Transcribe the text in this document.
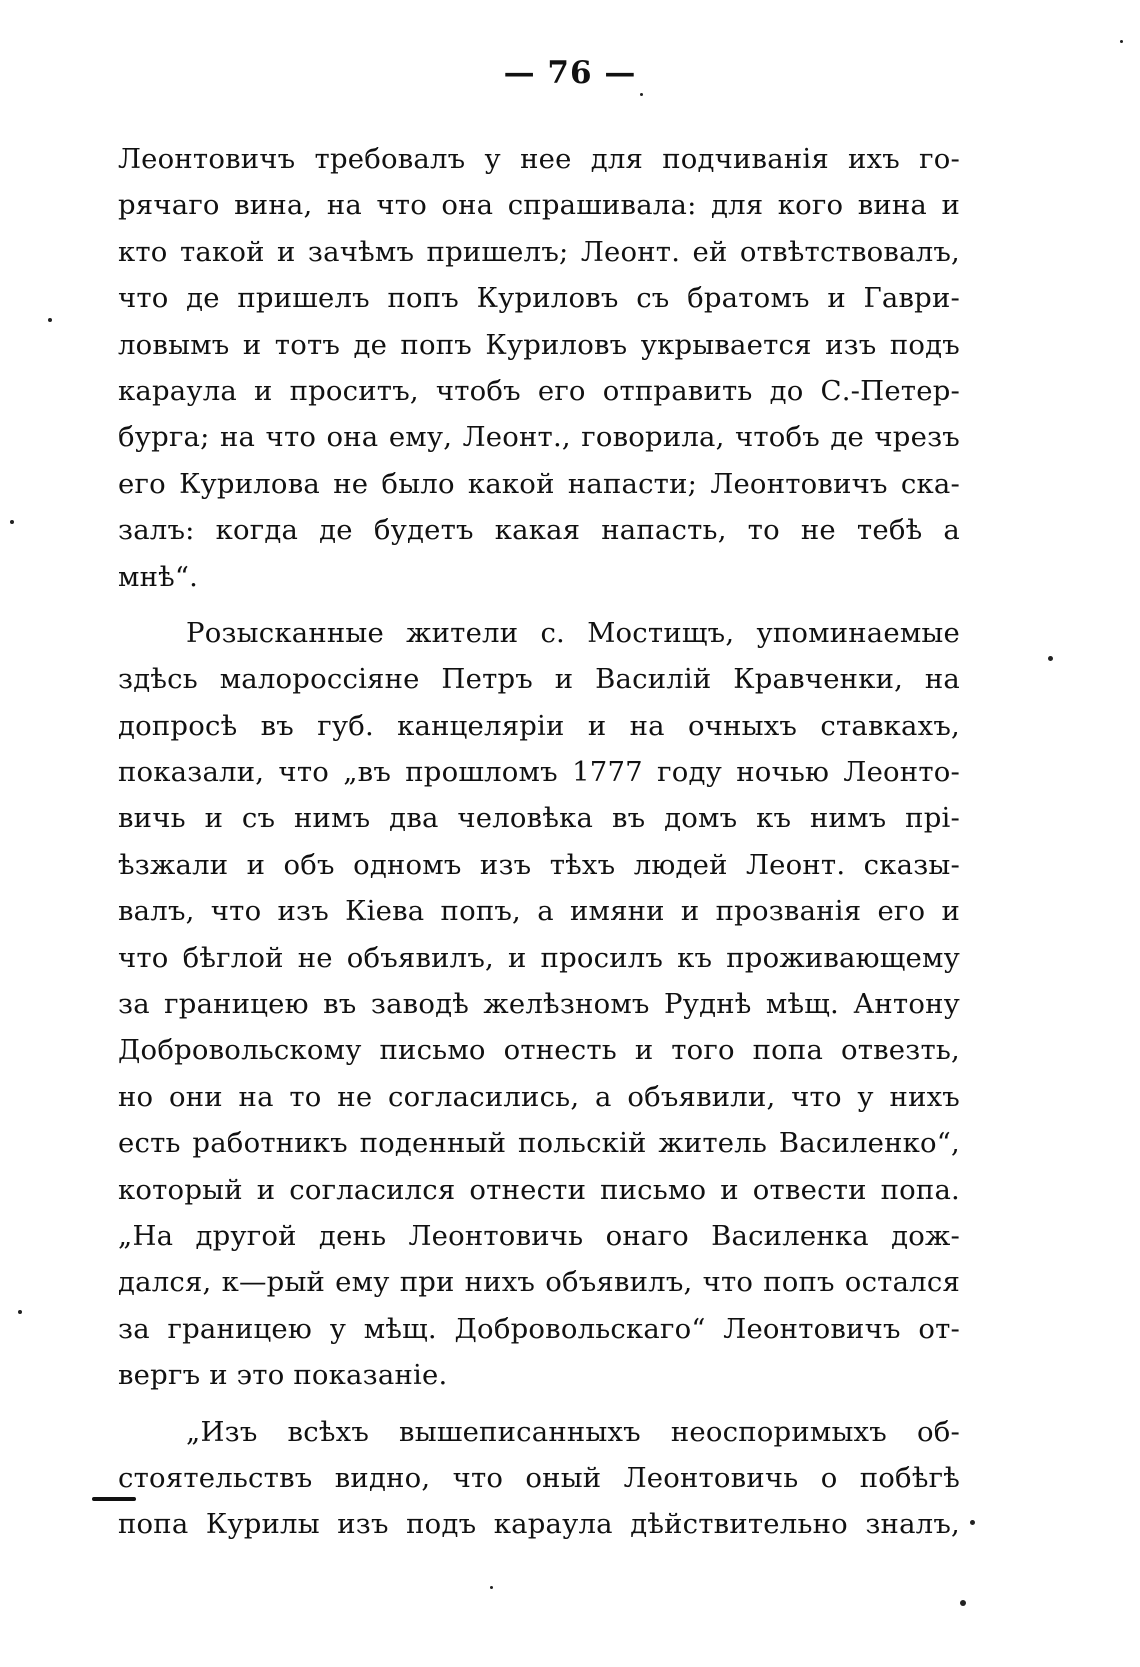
— 76 —
Леонтовичъ требовалъ у нее для подчиванія ихъ го-
рячаго вина, на что она спрашивала: для кого вина и
кто такой и зачѣмъ пришелъ; Леонт. ей отвѣтствовалъ,
что де пришелъ попъ Куриловъ съ братомъ и Гаври-
ловымъ и тотъ де попъ Куриловъ укрывается изъ подъ
караула и проситъ, чтобъ его отправить до С.-Петер-
бурга; на что она ему, Леонт., говорила, чтобъ де чрезъ
его Курилова не было какой напасти; Леонтовичъ ска-
залъ: когда де будетъ какая напасть, то не тебѣ а
мнѣ“.
Розысканные жители с. Мостищъ, упоминаемые
здѣсь малороссіяне Петръ и Василій Кравченки, на
допросѣ въ губ. канцеляріи и на очныхъ ставкахъ,
показали, что „въ прошломъ 1777 году ночью Леонто-
вичь и съ нимъ два человѣка въ домъ къ нимъ прі-
ѣзжали и объ одномъ изъ тѣхъ людей Леонт. сказы-
валъ, что изъ Кіева попъ, а имяни и прозванія его и
что бѣглой не объявилъ, и просилъ къ проживающему
за границею въ заводѣ желѣзномъ Руднѣ мѣщ. Антону
Добровольскому письмо отнесть и того попа отвезть,
но они на то не согласились, а объявили, что у нихъ
есть работникъ поденный польскій житель Василенко“,
который и согласился отнести письмо и отвести попа.
„На другой день Леонтовичь онаго Василенка дож-
дался, к—рый ему при нихъ объявилъ, что попъ остался
за границею у мѣщ. Добровольскаго“ Леонтовичъ от-
вергъ и это показаніе.
„Изъ всѣхъ вышеписанныхъ неоспоримыхъ об-
стоятельствъ видно, что оный Леонтовичь о побѣгѣ
попа Курилы изъ подъ караула дѣйствительно зналъ,
